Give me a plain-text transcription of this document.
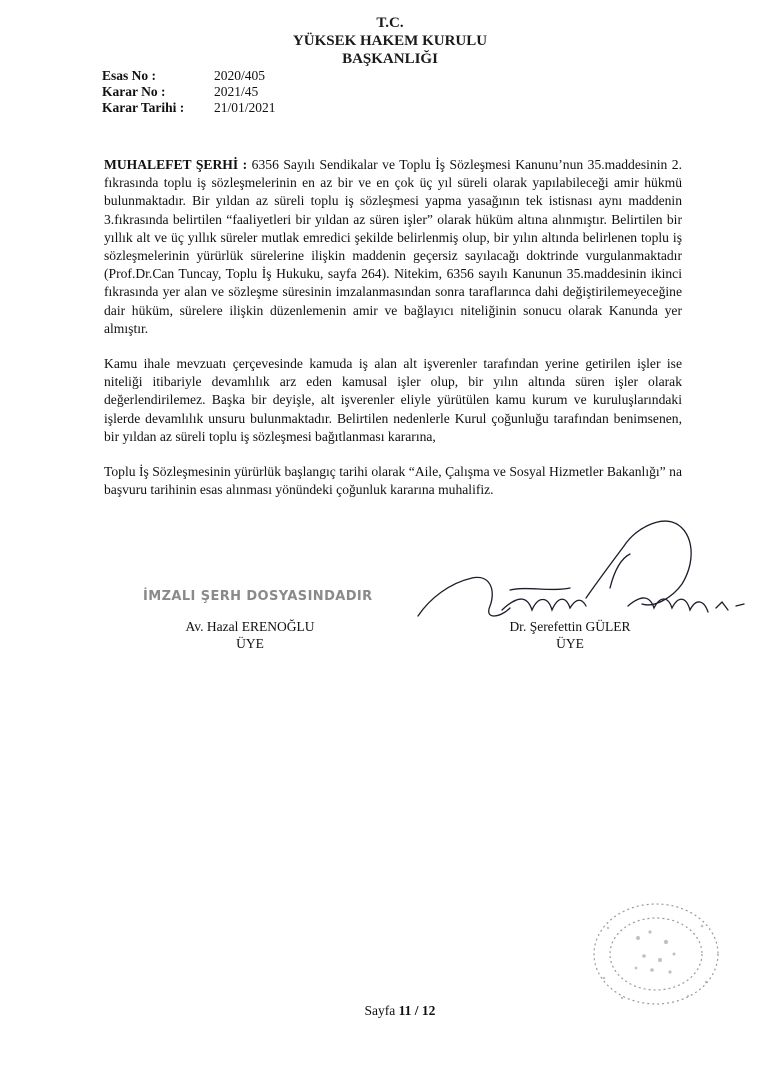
T.C.
YÜKSEK HAKEM KURULU
BAŞKANLIĞI
Esas No :	2020/405
Karar No :	2021/45
Karar Tarihi :	21/01/2021

MUHALEFET ŞERHİ : 6356 Sayılı Sendikalar ve Toplu İş Sözleşmesi Kanunu’nun 35.maddesinin 2. fıkrasında toplu iş sözleşmelerinin en az bir ve en çok üç yıl süreli olarak yapılabileceği amir hükmü bulunmaktadır. Bir yıldan az süreli toplu iş sözleşmesi yapma yasağının tek istisnası aynı maddenin 3.fıkrasında belirtilen “faaliyetleri bir yıldan az süren işler” olarak hüküm altına alınmıştır. Belirtilen bir yıllık alt ve üç yıllık süreler mutlak emredici şekilde belirlenmiş olup, bir yılın altında belirlenen toplu iş sözleşmelerinin yürürlük sürelerine ilişkin maddenin geçersiz sayılacağı doktrinde vurgulanmaktadır (Prof.Dr.Can Tuncay, Toplu İş Hukuku, sayfa 264). Nitekim, 6356 sayılı Kanunun 35.maddesinin ikinci fıkrasında yer alan ve sözleşme süresinin imzalanmasından sonra taraflarınca dahi değiştirilemeyeceğine dair hüküm, sürelere ilişkin düzenlemenin amir ve bağlayıcı niteliğinin sonucu olarak Kanunda yer almıştır.

Kamu ihale mevzuatı çerçevesinde kamuda iş alan alt işverenler tarafından yerine getirilen işler ise niteliği itibariyle devamlılık arz eden kamusal işler olup, bir yılın altında süren işler olarak değerlendirilemez. Başka bir deyişle, alt işverenler eliyle yürütülen kamu kurum ve kuruluşlarındaki işlerde devamlılık unsuru bulunmaktadır. Belirtilen nedenlerle Kurul çoğunluğu tarafından benimsenen, bir yıldan az süreli toplu iş sözleşmesi bağıtlanması kararına,

Toplu İş Sözleşmesinin yürürlük başlangıç tarihi olarak “Aile, Çalışma ve Sosyal Hizmetler Bakanlığı” na başvuru tarihinin esas alınması yönündeki çoğunluk kararına muhalifiz.

İMZALI ŞERH DOSYASINDADIR
Av. Hazal ERENOĞLU
ÜYE
Dr. Şerefettin GÜLER
ÜYE
Sayfa 11 / 12
